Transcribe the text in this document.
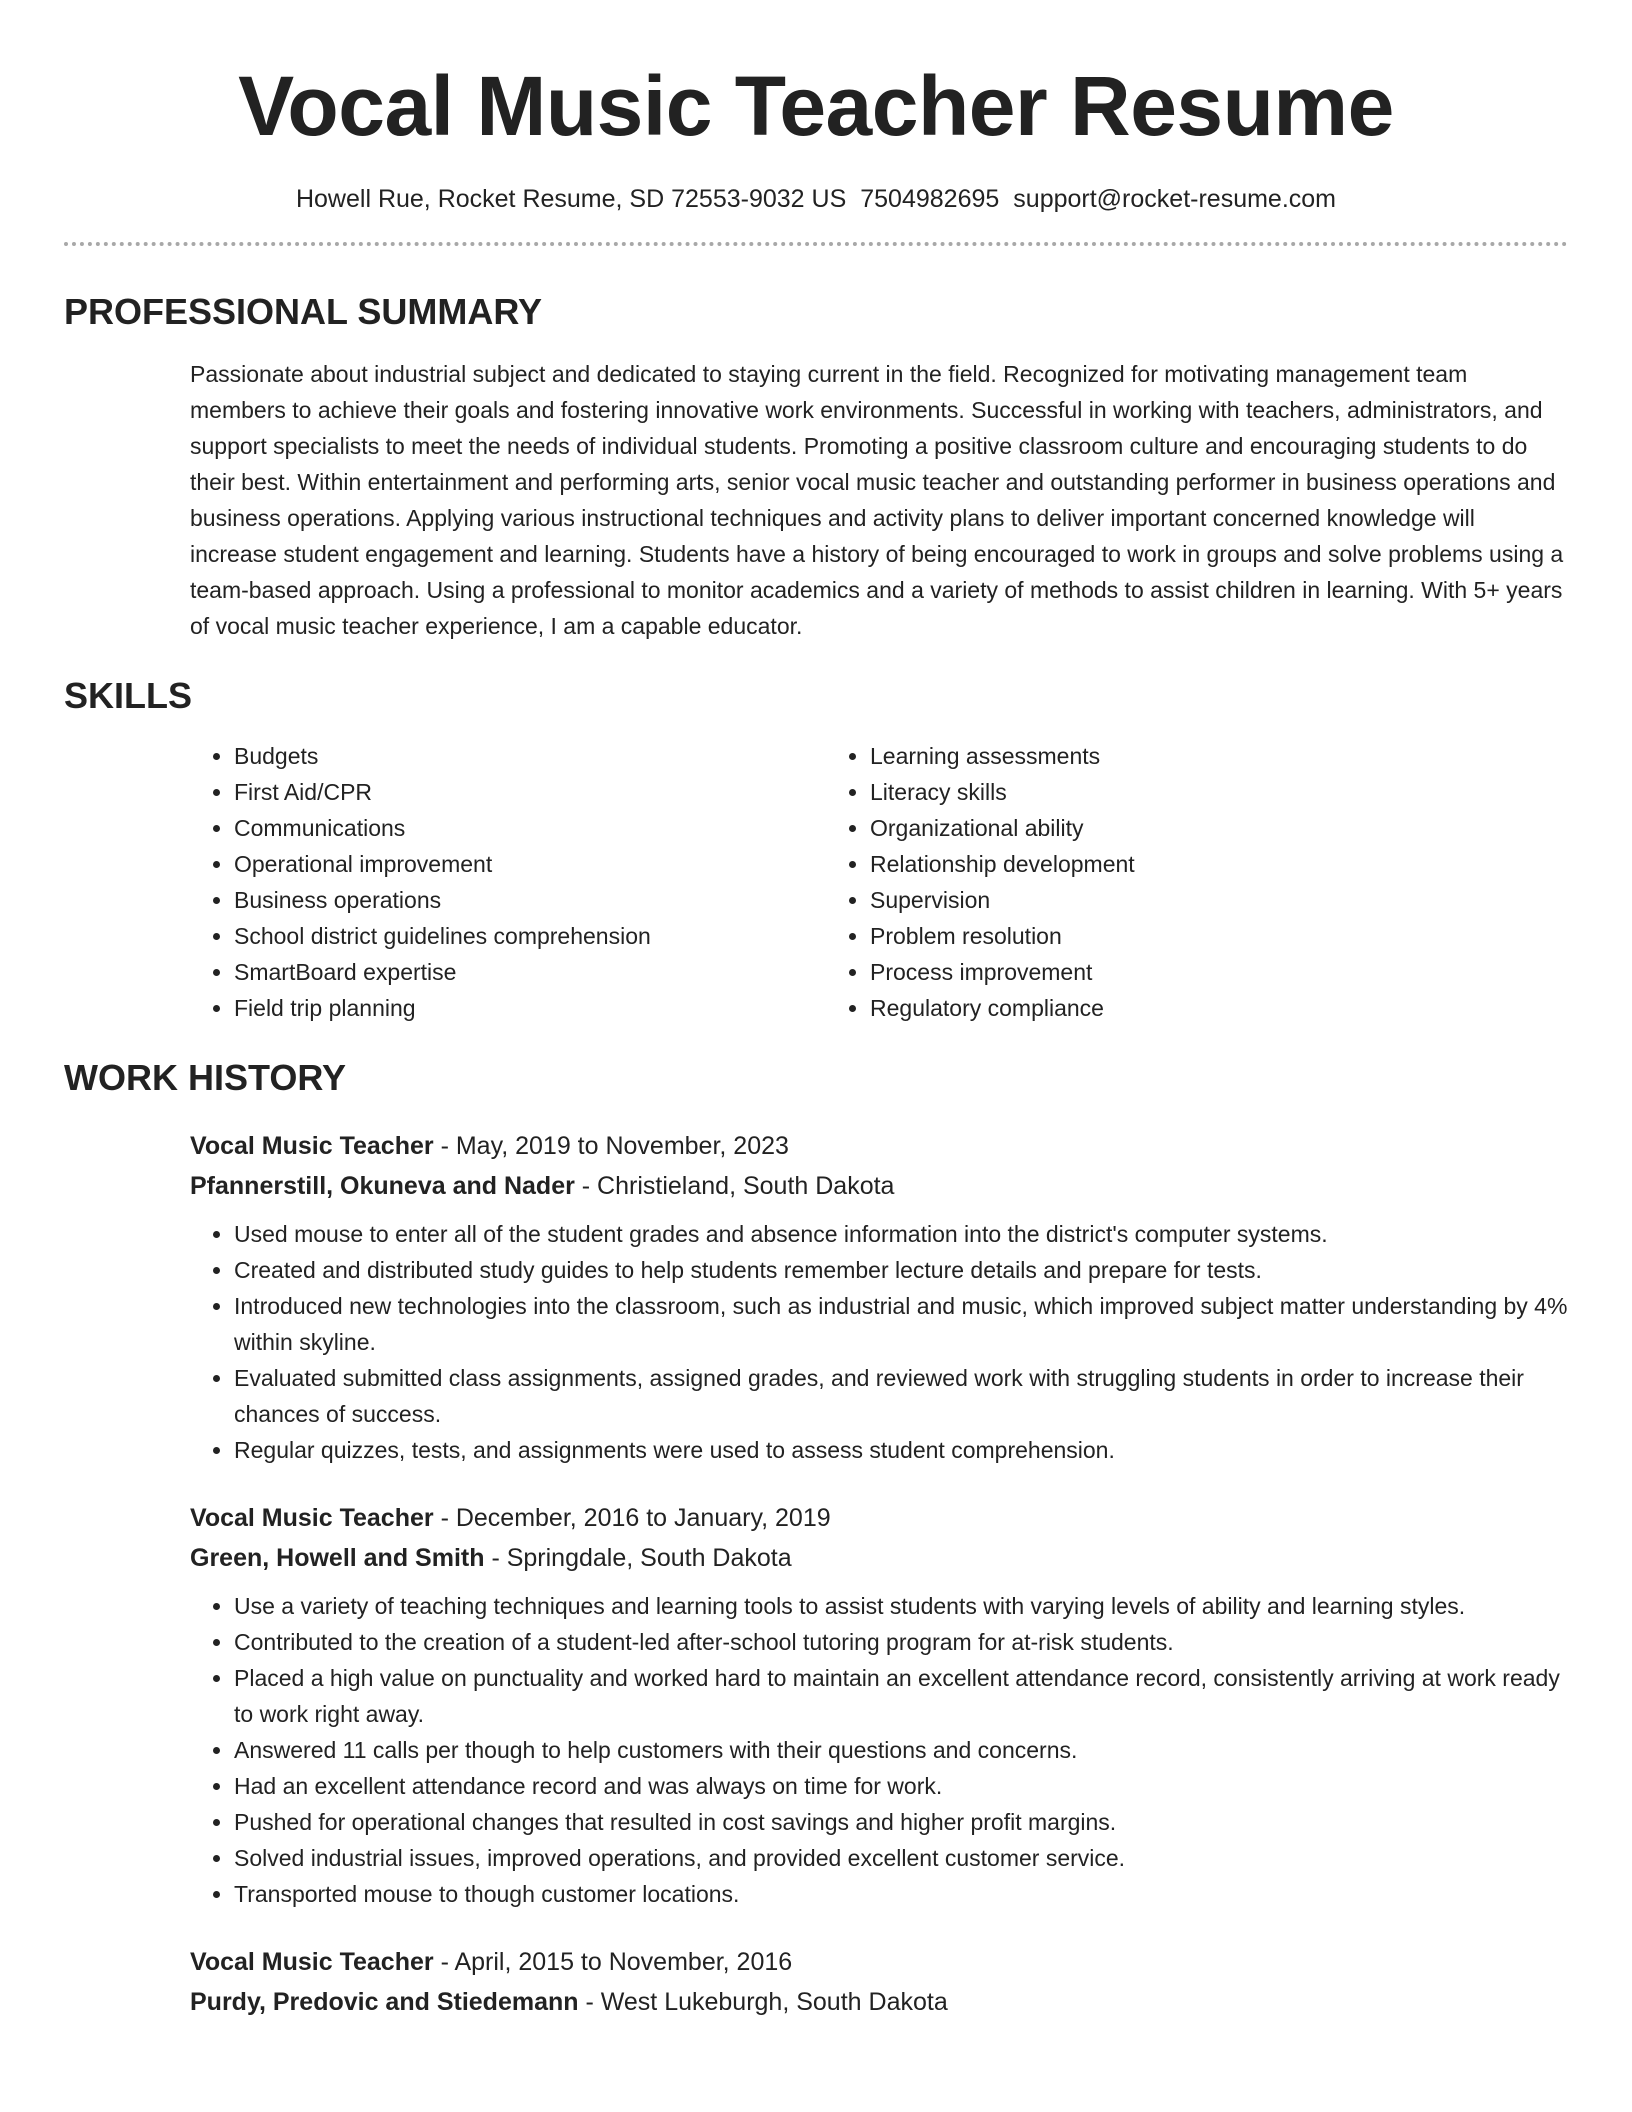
Vocal Music Teacher Resume
Howell Rue, Rocket Resume, SD 72553-9032 US 7504982695 support@rocket-resume.com
PROFESSIONAL SUMMARY
Passionate about industrial subject and dedicated to staying current in the field. Recognized for motivating management team members to achieve their goals and fostering innovative work environments. Successful in working with teachers, administrators, and support specialists to meet the needs of individual students. Promoting a positive classroom culture and encouraging students to do their best. Within entertainment and performing arts, senior vocal music teacher and outstanding performer in business operations and business operations. Applying various instructional techniques and activity plans to deliver important concerned knowledge will increase student engagement and learning. Students have a history of being encouraged to work in groups and solve problems using a team-based approach. Using a professional to monitor academics and a variety of methods to assist children in learning. With 5+ years of vocal music teacher experience, I am a capable educator.
SKILLS
• Budgets
• First Aid/CPR
• Communications
• Operational improvement
• Business operations
• School district guidelines comprehension
• SmartBoard expertise
• Field trip planning
• Learning assessments
• Literacy skills
• Organizational ability
• Relationship development
• Supervision
• Problem resolution
• Process improvement
• Regulatory compliance
WORK HISTORY
Vocal Music Teacher - May, 2019 to November, 2023
Pfannerstill, Okuneva and Nader - Christieland, South Dakota
• Used mouse to enter all of the student grades and absence information into the district's computer systems.
• Created and distributed study guides to help students remember lecture details and prepare for tests.
• Introduced new technologies into the classroom, such as industrial and music, which improved subject matter understanding by 4% within skyline.
• Evaluated submitted class assignments, assigned grades, and reviewed work with struggling students in order to increase their chances of success.
• Regular quizzes, tests, and assignments were used to assess student comprehension.
Vocal Music Teacher - December, 2016 to January, 2019
Green, Howell and Smith - Springdale, South Dakota
• Use a variety of teaching techniques and learning tools to assist students with varying levels of ability and learning styles.
• Contributed to the creation of a student-led after-school tutoring program for at-risk students.
• Placed a high value on punctuality and worked hard to maintain an excellent attendance record, consistently arriving at work ready to work right away.
• Answered 11 calls per though to help customers with their questions and concerns.
• Had an excellent attendance record and was always on time for work.
• Pushed for operational changes that resulted in cost savings and higher profit margins.
• Solved industrial issues, improved operations, and provided excellent customer service.
• Transported mouse to though customer locations.
Vocal Music Teacher - April, 2015 to November, 2016
Purdy, Predovic and Stiedemann - West Lukeburgh, South Dakota
